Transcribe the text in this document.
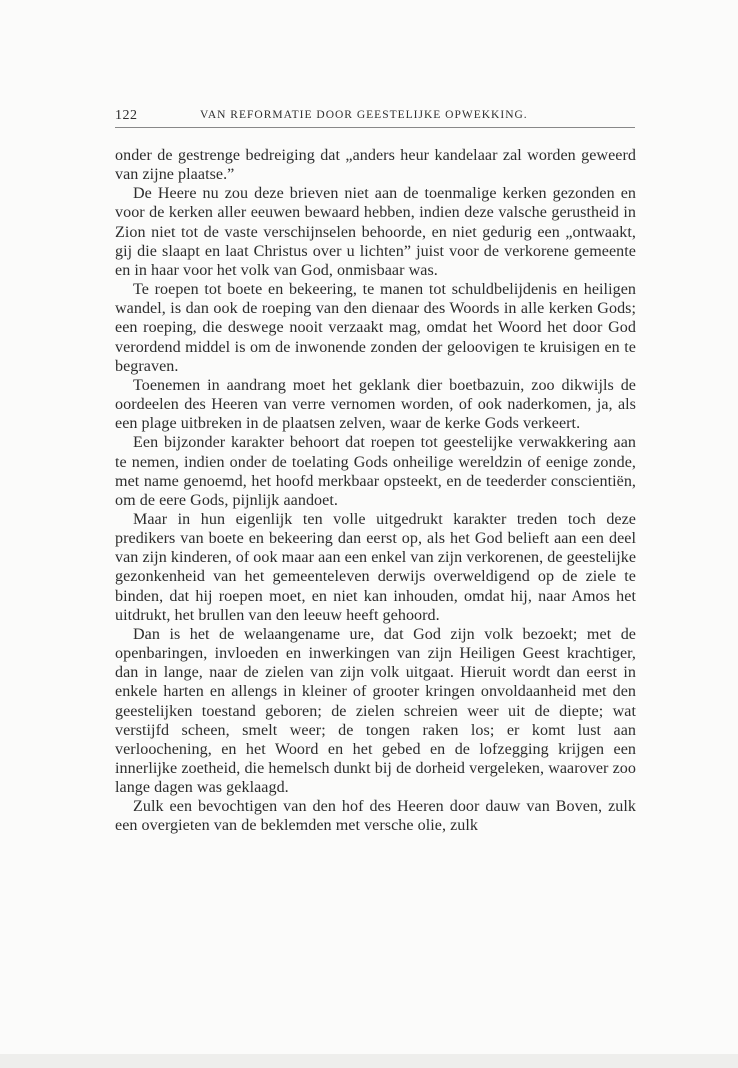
122	VAN REFORMATIE DOOR GEESTELIJKE OPWEKKING.

onder de gestrenge bedreiging dat „anders heur kandelaar zal worden geweerd van zijne plaatse.”

De Heere nu zou deze brieven niet aan de toenmalige kerken gezonden en voor de kerken aller eeuwen bewaard hebben, indien deze valsche gerustheid in Zion niet tot de vaste verschijnselen behoorde, en niet gedurig een „ontwaakt, gij die slaapt en laat Christus over u lichten” juist voor de verkorene gemeente en in haar voor het volk van God, onmisbaar was.

Te roepen tot boete en bekeering, te manen tot schuldbelijdenis en heiligen wandel, is dan ook de roeping van den dienaar des Woords in alle kerken Gods; een roeping, die deswege nooit verzaakt mag, omdat het Woord het door God verordend middel is om de inwonende zonden der geloovigen te kruisigen en te begraven.

Toenemen in aandrang moet het geklank dier boetbazuin, zoo dikwijls de oordeelen des Heeren van verre vernomen worden, of ook naderkomen, ja, als een plage uitbreken in de plaatsen zelven, waar de kerke Gods verkeert.

Een bijzonder karakter behoort dat roepen tot geestelijke verwakkering aan te nemen, indien onder de toelating Gods onheilige wereldzin of eenige zonde, met name genoemd, het hoofd merkbaar opsteekt, en de teederder conscientiën, om de eere Gods, pijnlijk aandoet.

Maar in hun eigenlijk ten volle uitgedrukt karakter treden toch deze predikers van boete en bekeering dan eerst op, als het God belieft aan een deel van zijn kinderen, of ook maar aan een enkel van zijn verkorenen, de geestelijke gezonkenheid van het gemeenteleven derwijs overweldigend op de ziele te binden, dat hij roepen moet, en niet kan inhouden, omdat hij, naar Amos het uitdrukt, het brullen van den leeuw heeft gehoord.

Dan is het de welaangename ure, dat God zijn volk bezoekt; met de openbaringen, invloeden en inwerkingen van zijn Heiligen Geest krachtiger, dan in lange, naar de zielen van zijn volk uitgaat. Hieruit wordt dan eerst in enkele harten en allengs in kleiner of grooter kringen onvoldaanheid met den geestelijken toestand geboren; de zielen schreien weer uit de diepte; wat verstijfd scheen, smelt weer; de tongen raken los; er komt lust aan verloochening, en het Woord en het gebed en de lofzegging krijgen een innerlijke zoetheid, die hemelsch dunkt bij de dorheid vergeleken, waarover zoo lange dagen was geklaagd.

Zulk een bevochtigen van den hof des Heeren door dauw van Boven, zulk een overgieten van de beklemden met versche olie, zulk
